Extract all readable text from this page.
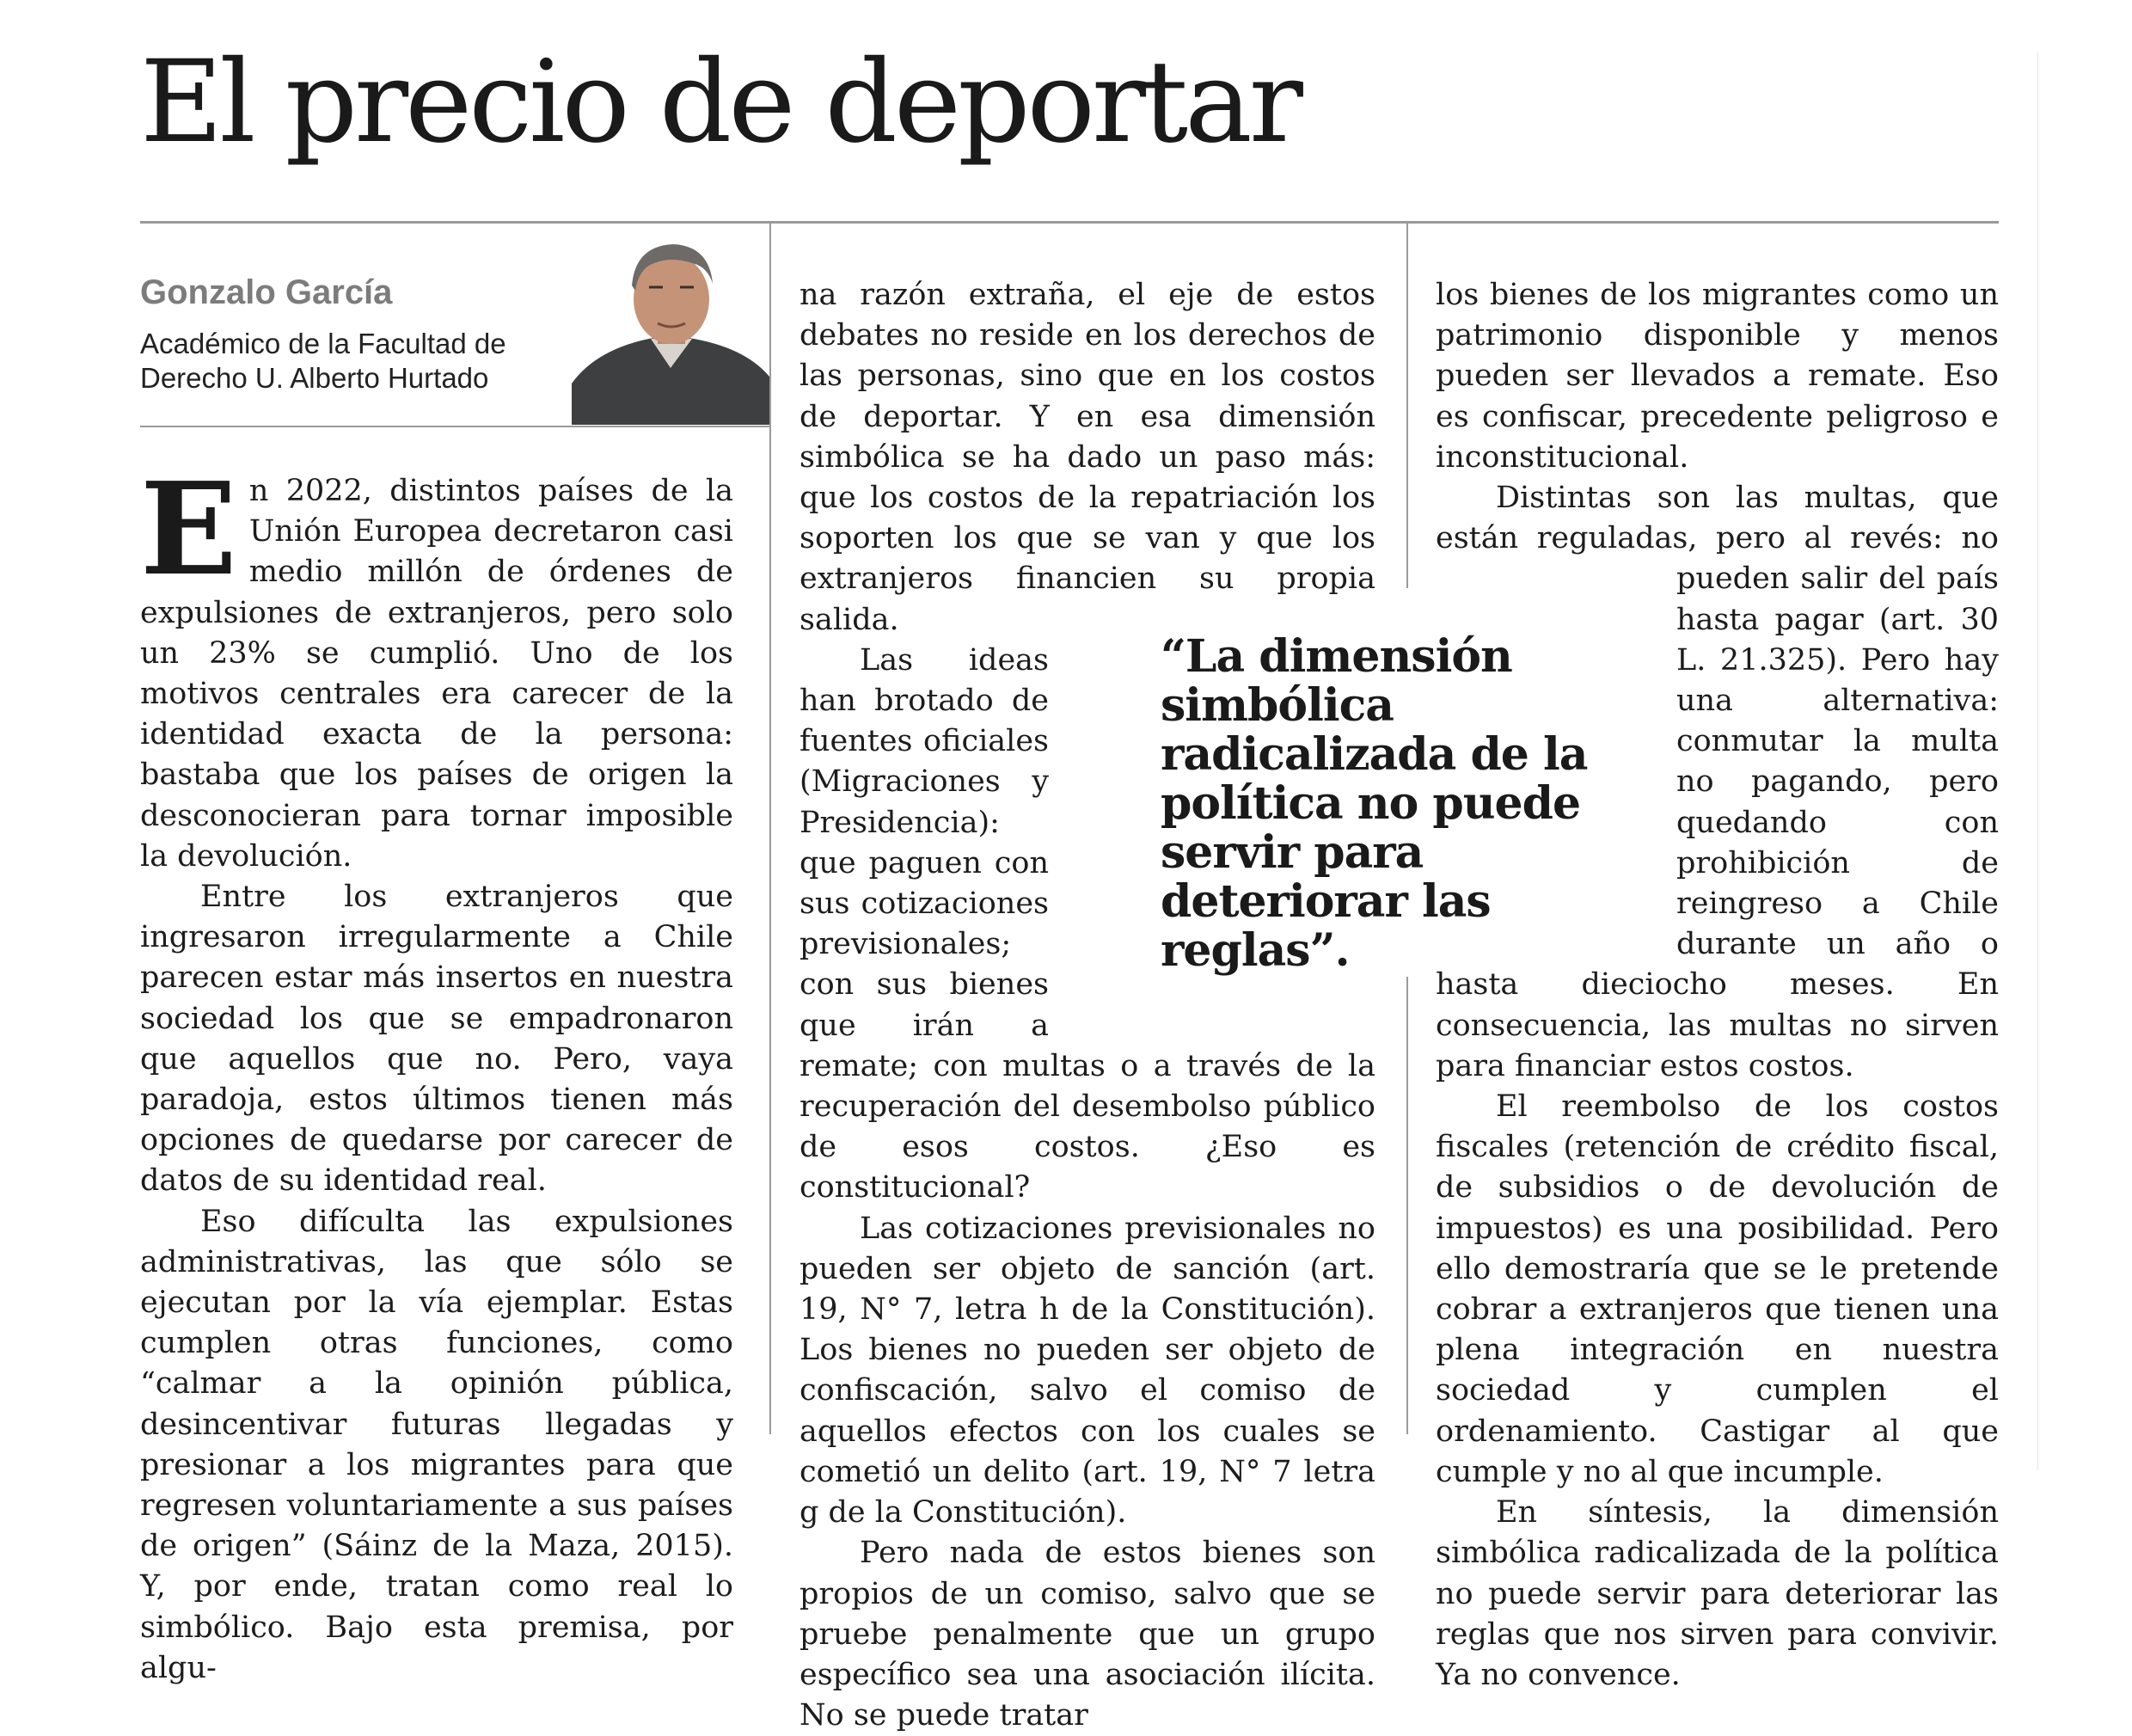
El precio de deportar

Gonzalo García

Académico de la Facultad de
Derecho U. Alberto Hurtado

E n 2022, distintos países de la Unión Europea decretaron casi medio millón de órdenes de expulsiones de extranjeros, pero solo un 23% se cumplió. Uno de los motivos centrales era carecer de la identidad exacta de la persona: bastaba que los países de origen la desconocieran para tornar imposible la devolución.

Entre los extranjeros que ingresaron irregularmente a Chile parecen estar más insertos en nuestra sociedad los que se empadronaron que aquellos que no. Pero, vaya paradoja, estos últimos tienen más opciones de quedarse por carecer de datos de su identidad real.

Eso difículta las expulsiones administrativas, las que sólo se ejecutan por la vía ejemplar. Estas cumplen otras funciones, como “calmar a la opinión pública, desincentivar futuras llegadas y presionar a los migrantes para que regresen voluntariamente a sus países de origen” (Sáinz de la Maza, 2015). Y, por ende, tratan como real lo simbólico. Bajo esta premisa, por algu-

na razón extraña, el eje de estos debates no reside en los derechos de las personas, sino que en los costos de deportar. Y en esa dimensión simbólica se ha dado un paso más: que los costos de la repatriación los soporten los que se van y que los extranjeros financien su propia salida.

Las ideas han brotado de fuentes oficiales (Migraciones y Presidencia): que paguen con sus cotizaciones previsionales; con sus bienes que irán a remate; con multas o a través de la recuperación del desembolso público de esos costos. ¿Eso es constitucional?

Las cotizaciones previsionales no pueden ser objeto de sanción (art. 19, N° 7, letra h de la Constitución). Los bienes no pueden ser objeto de confiscación, salvo el comiso de aquellos efectos con los cuales se cometió un delito (art. 19, N° 7 letra g de la Constitución).

Pero nada de estos bienes son propios de un comiso, salvo que se pruebe penalmente que un grupo específico sea una asociación ilícita. No se puede tratar

los bienes de los migrantes como un patrimonio disponible y menos pueden ser llevados a remate. Eso es confiscar, precedente peligroso e inconstitucional.

Distintas son las multas, que están reguladas, pero al revés: no pueden salir del país hasta pagar (art. 30 L. 21.325). Pero hay una alternativa: conmutar la multa no pagando, pero quedando con prohibición de reingreso a Chile durante un año o hasta dieciocho meses. En consecuencia, las multas no sirven para financiar estos costos.

El reembolso de los costos fiscales (retención de crédito fiscal, de subsidios o de devolución de impuestos) es una posibilidad. Pero ello demostraría que se le pretende cobrar a extranjeros que tienen una plena integración en nuestra sociedad y cumplen el ordenamiento. Castigar al que cumple y no al que incumple.

En síntesis, la dimensión simbólica radicalizada de la política no puede servir para deteriorar las reglas que nos sirven para convivir. Ya no convence.

“La dimensión simbólica radicalizada de la política no puede servir para deteriorar las reglas”.
